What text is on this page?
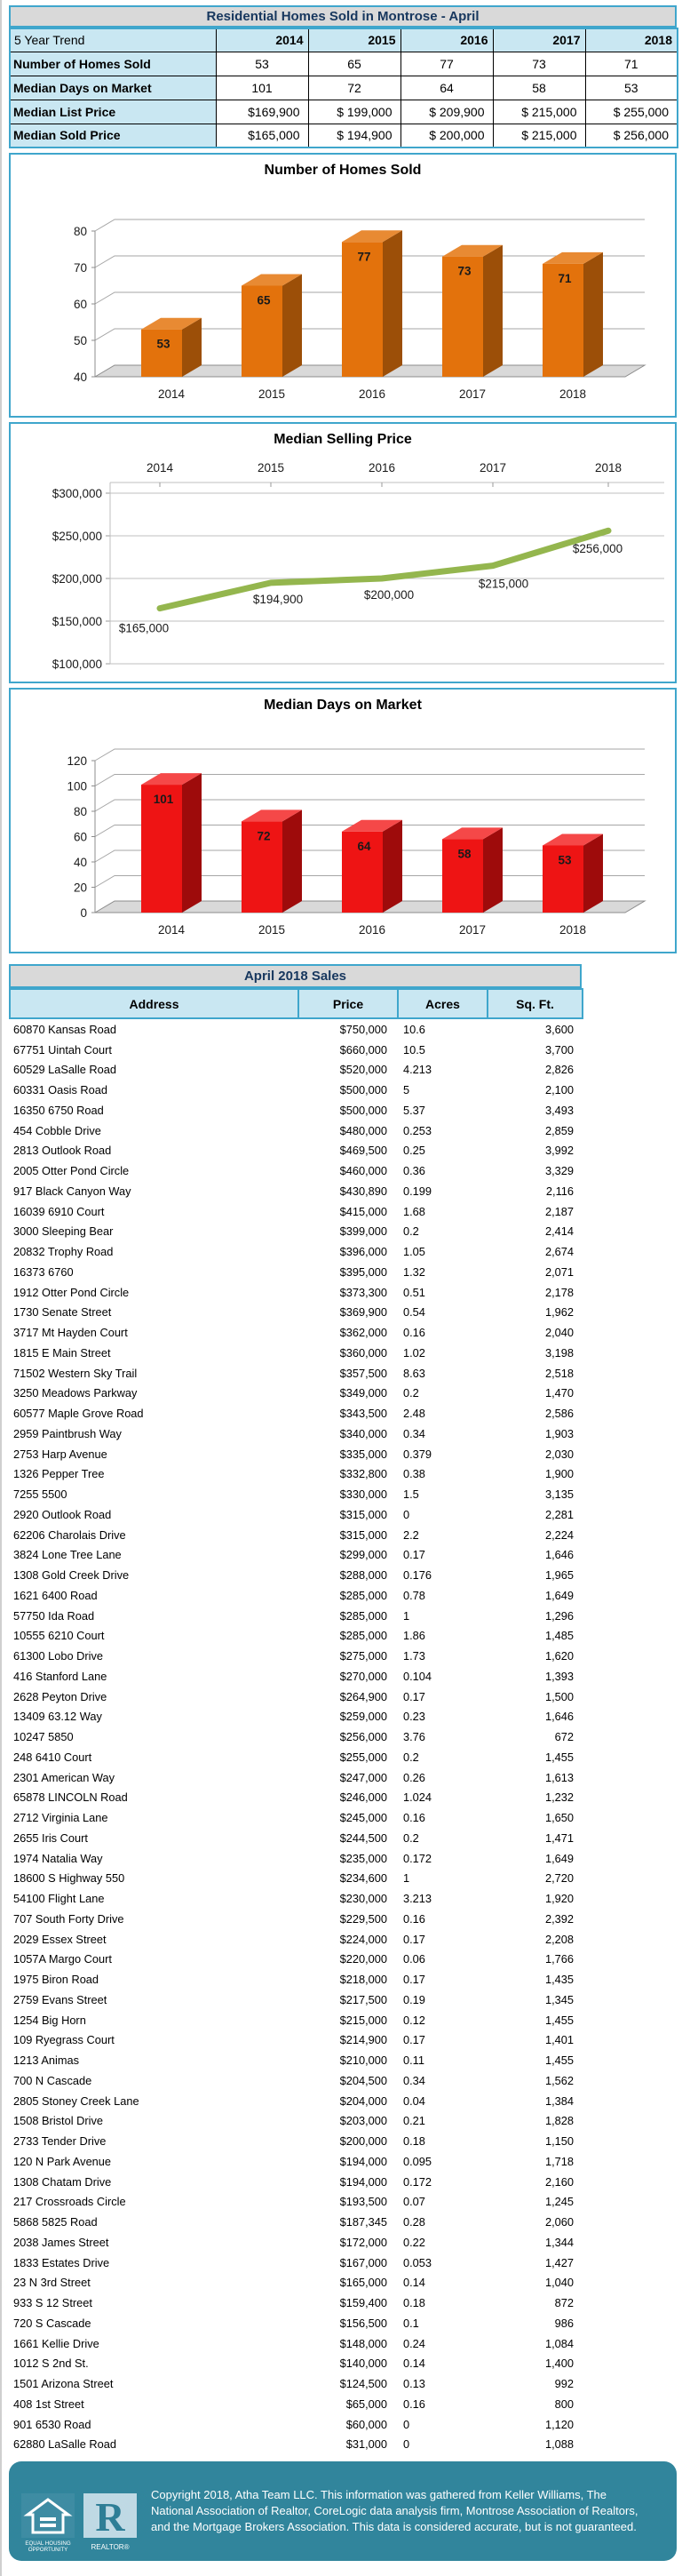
Residential Homes Sold in Montrose - April
5 Year Trend	2014	2015	2016	2017	2018
Number of Homes Sold	53	65	77	73	71
Median Days on Market	101	72	64	58	53
Median List Price	$169,900	$ 199,000	$ 209,900	$ 215,000	$ 255,000
Median Sold Price	$165,000	$ 194,900	$ 200,000	$ 215,000	$ 256,000
Number of Homes Sold
40
50
60
70
80
53
2014
65
2015
77
2016
73
2017
71
2018
Median Selling Price
$100,000
$150,000
$200,000
$250,000
$300,000
2014	2015	2016	2017	2018
$165,000
$194,900	$200,000
$215,000
$256,000
Median Days on Market
0
20
40
60
80
100
120
101
2014
72
2015
64
2016
58
2017
53
2018
April 2018 Sales
Address	Price	Acres	Sq. Ft.
60870 Kansas Road	$750,000	10.6	3,600
67751 Uintah Court	$660,000	10.5	3,700
60529 LaSalle Road	$520,000	4.213	2,826
60331 Oasis Road	$500,000	5	2,100
16350 6750 Road	$500,000	5.37	3,493
454 Cobble Drive	$480,000	0.253	2,859
2813 Outlook Road	$469,500	0.25	3,992
2005 Otter Pond Circle	$460,000	0.36	3,329
917 Black Canyon Way	$430,890	0.199	2,116
16039 6910 Court	$415,000	1.68	2,187
3000 Sleeping Bear	$399,000	0.2	2,414
20832 Trophy Road	$396,000	1.05	2,674
16373 6760	$395,000	1.32	2,071
1912 Otter Pond Circle	$373,300	0.51	2,178
1730 Senate Street	$369,900	0.54	1,962
3717 Mt Hayden Court	$362,000	0.16	2,040
1815 E Main Street	$360,000	1.02	3,198
71502 Western Sky Trail	$357,500	8.63	2,518
3250 Meadows Parkway	$349,000	0.2	1,470
60577 Maple Grove Road	$343,500	2.48	2,586
2959 Paintbrush Way	$340,000	0.34	1,903
2753 Harp Avenue	$335,000	0.379	2,030
1326 Pepper Tree	$332,800	0.38	1,900
7255 5500	$330,000	1.5	3,135
2920 Outlook Road	$315,000	0	2,281
62206 Charolais Drive	$315,000	2.2	2,224
3824 Lone Tree Lane	$299,000	0.17	1,646
1308 Gold Creek Drive	$288,000	0.176	1,965
1621 6400 Road	$285,000	0.78	1,649
57750 Ida Road	$285,000	1	1,296
10555 6210 Court	$285,000	1.86	1,485
61300 Lobo Drive	$275,000	1.73	1,620
416 Stanford Lane	$270,000	0.104	1,393
2628 Peyton Drive	$264,900	0.17	1,500
13409 63.12 Way	$259,000	0.23	1,646
10247 5850	$256,000	3.76	672
248 6410 Court	$255,000	0.2	1,455
2301 American Way	$247,000	0.26	1,613
65878 LINCOLN Road	$246,000	1.024	1,232
2712 Virginia Lane	$245,000	0.16	1,650
2655 Iris Court	$244,500	0.2	1,471
1974 Natalia Way	$235,000	0.172	1,649
18600 S Highway 550	$234,600	1	2,720
54100 Flight Lane	$230,000	3.213	1,920
707 South Forty Drive	$229,500	0.16	2,392
2029 Essex Street	$224,000	0.17	2,208
1057A Margo Court	$220,000	0.06	1,766
1975 Biron Road	$218,000	0.17	1,435
2759 Evans Street	$217,500	0.19	1,345
1254 Big Horn	$215,000	0.12	1,455
109 Ryegrass Court	$214,900	0.17	1,401
1213 Animas	$210,000	0.11	1,455
700 N Cascade	$204,500	0.34	1,562
2805 Stoney Creek Lane	$204,000	0.04	1,384
1508 Bristol Drive	$203,000	0.21	1,828
2733 Tender Drive	$200,000	0.18	1,150
120 N Park Avenue	$194,000	0.095	1,718
1308 Chatam Drive	$194,000	0.172	2,160
217 Crossroads Circle	$193,500	0.07	1,245
5868 5825 Road	$187,345	0.28	2,060
2038 James Street	$172,000	0.22	1,344
1833 Estates Drive	$167,000	0.053	1,427
23 N 3rd Street	$165,000	0.14	1,040
933 S 12 Street	$159,400	0.18	872
720 S Cascade	$156,500	0.1	986
1661 Kellie Drive	$148,000	0.24	1,084
1012 S 2nd St.	$140,000	0.14	1,400
1501 Arizona Street	$124,500	0.13	992
408 1st Street	$65,000	0.16	800
901 6530 Road	$60,000	0	1,120
62880 LaSalle Road	$31,000	0	1,088
EQUAL HOUSING
OPPORTUNITY
R
REALTOR®
Copyright 2018, Atha Team LLC. This information was gathered from Keller Williams, The National Association of Realtor, CoreLogic data analysis firm, Montrose Association of Realtors, and the Mortgage Brokers Association. This data is considered accurate, but is not guaranteed.
